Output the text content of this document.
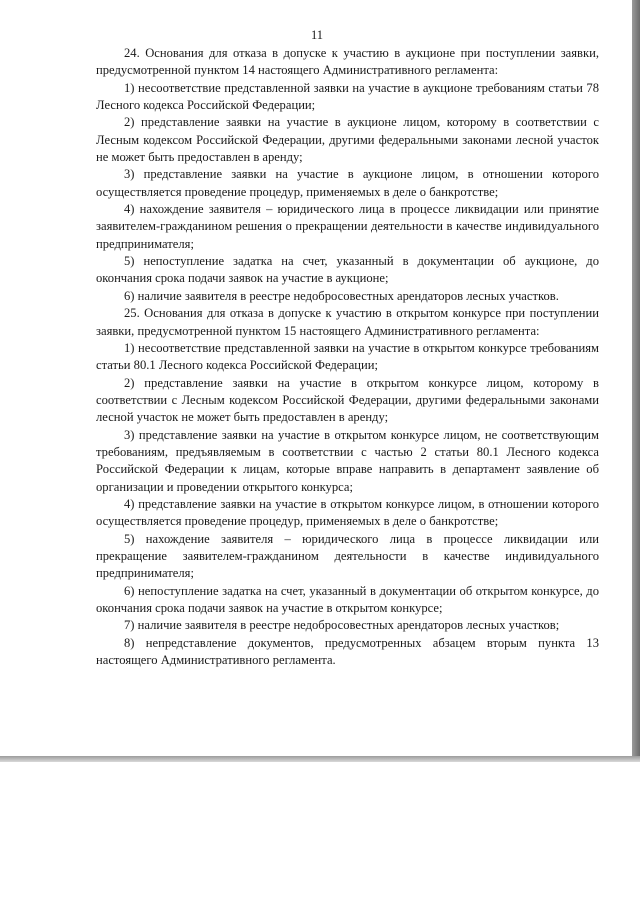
11

24. Основания для отказа в допуске к участию в аукционе при поступлении заявки, предусмотренной пунктом 14 настоящего Административного регламента:

1) несоответствие представленной заявки на участие в аукционе требованиям статьи 78 Лесного кодекса Российской Федерации;

2) представление заявки на участие в аукционе лицом, которому в соответствии с Лесным кодексом Российской Федерации, другими федеральными законами лесной участок не может быть предоставлен в аренду;

3) представление заявки на участие в аукционе лицом, в отношении которого осуществляется проведение процедур, применяемых в деле о банкротстве;

4) нахождение заявителя – юридического лица в процессе ликвидации или принятие заявителем-гражданином решения о прекращении деятельности в качестве индивидуального предпринимателя;

5) непоступление задатка на счет, указанный в документации об аукционе, до окончания срока подачи заявок на участие в аукционе;

6) наличие заявителя в реестре недобросовестных арендаторов лесных участков.

25. Основания для отказа в допуске к участию в открытом конкурсе при поступлении заявки, предусмотренной пунктом 15 настоящего Административного регламента:

1) несоответствие представленной заявки на участие в открытом конкурсе требованиям статьи 80.1 Лесного кодекса Российской Федерации;

2) представление заявки на участие в открытом конкурсе лицом, которому в соответствии с Лесным кодексом Российской Федерации, другими федеральными законами лесной участок не может быть предоставлен в аренду;

3) представление заявки на участие в открытом конкурсе лицом, не соответствующим требованиям, предъявляемым в соответствии с частью 2 статьи 80.1 Лесного кодекса Российской Федерации к лицам, которые вправе направить в департамент заявление об организации и проведении открытого конкурса;

4) представление заявки на участие в открытом конкурсе лицом, в отношении которого осуществляется проведение процедур, применяемых в деле о банкротстве;

5) нахождение заявителя – юридического лица в процессе ликвидации или прекращение заявителем-гражданином деятельности в качестве индивидуального предпринимателя;

6) непоступление задатка на счет, указанный в документации об открытом конкурсе, до окончания срока подачи заявок на участие в открытом конкурсе;

7) наличие заявителя в реестре недобросовестных арендаторов лесных участков;

8) непредставление документов, предусмотренных абзацем вторым пункта 13 настоящего Административного регламента.
